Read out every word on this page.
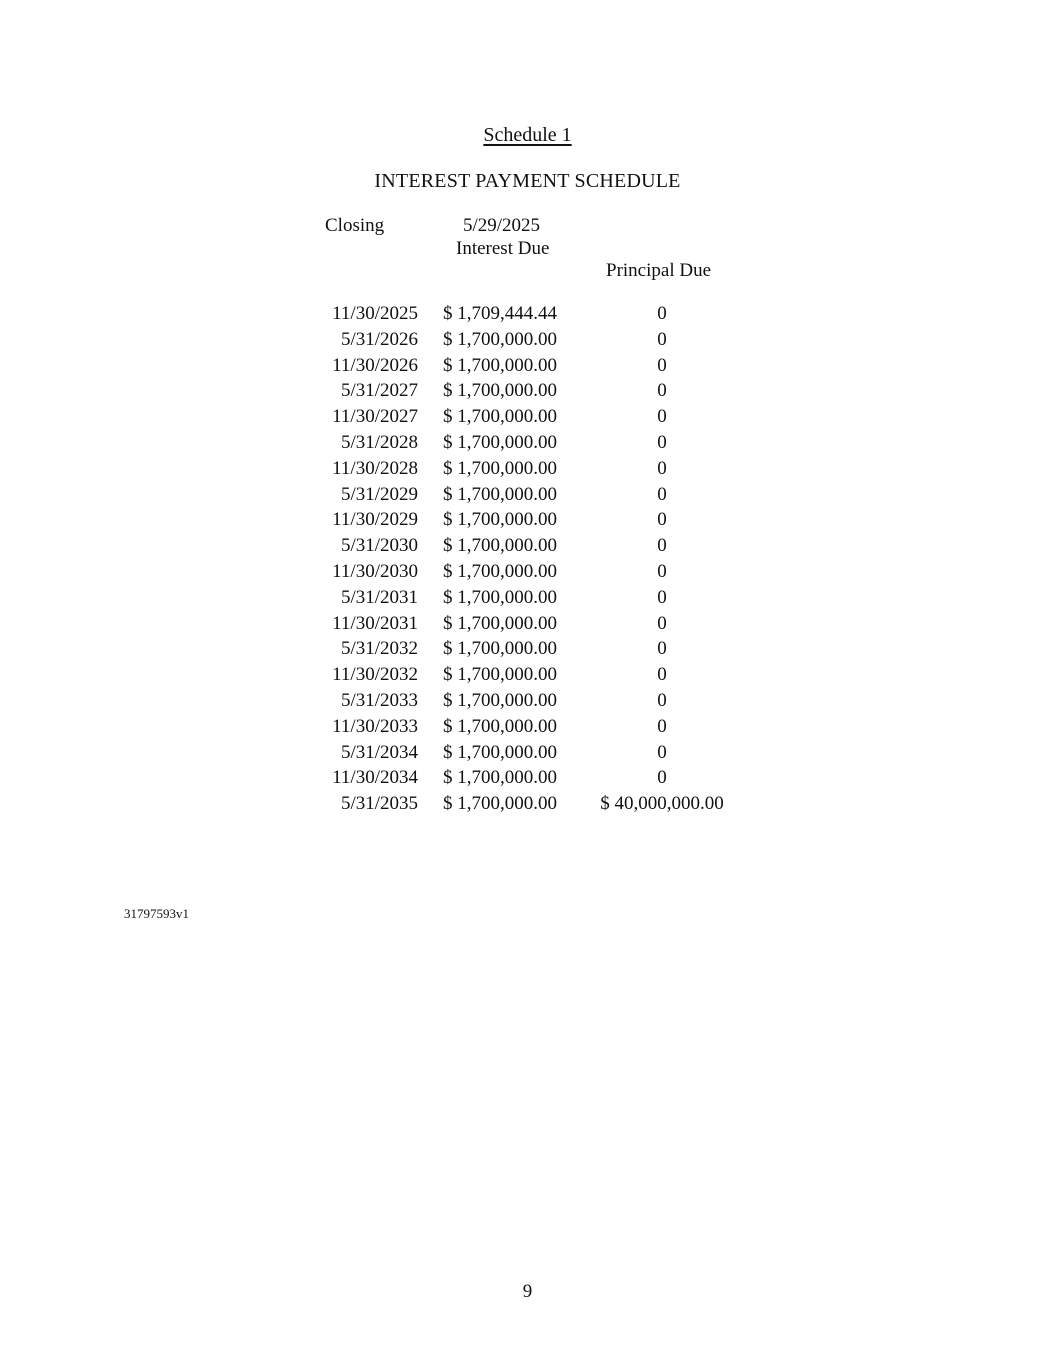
Schedule 1
INTEREST PAYMENT SCHEDULE
Closing	5/29/2025
Interest Due
Principal Due
11/30/2025 $ 1,709,444.44	0
5/31/2026 $ 1,700,000.00	0
11/30/2026 $ 1,700,000.00	0
5/31/2027 $ 1,700,000.00	0
11/30/2027 $ 1,700,000.00	0
5/31/2028 $ 1,700,000.00	0
11/30/2028 $ 1,700,000.00	0
5/31/2029 $ 1,700,000.00	0
11/30/2029 $ 1,700,000.00	0
5/31/2030 $ 1,700,000.00	0
11/30/2030 $ 1,700,000.00	0
5/31/2031 $ 1,700,000.00	0
11/30/2031 $ 1,700,000.00	0
5/31/2032 $ 1,700,000.00	0
11/30/2032 $ 1,700,000.00	0
5/31/2033 $ 1,700,000.00	0
11/30/2033 $ 1,700,000.00	0
5/31/2034 $ 1,700,000.00	0
11/30/2034 $ 1,700,000.00	0
5/31/2035 $ 1,700,000.00	$ 40,000,000.00
31797593v1
9
